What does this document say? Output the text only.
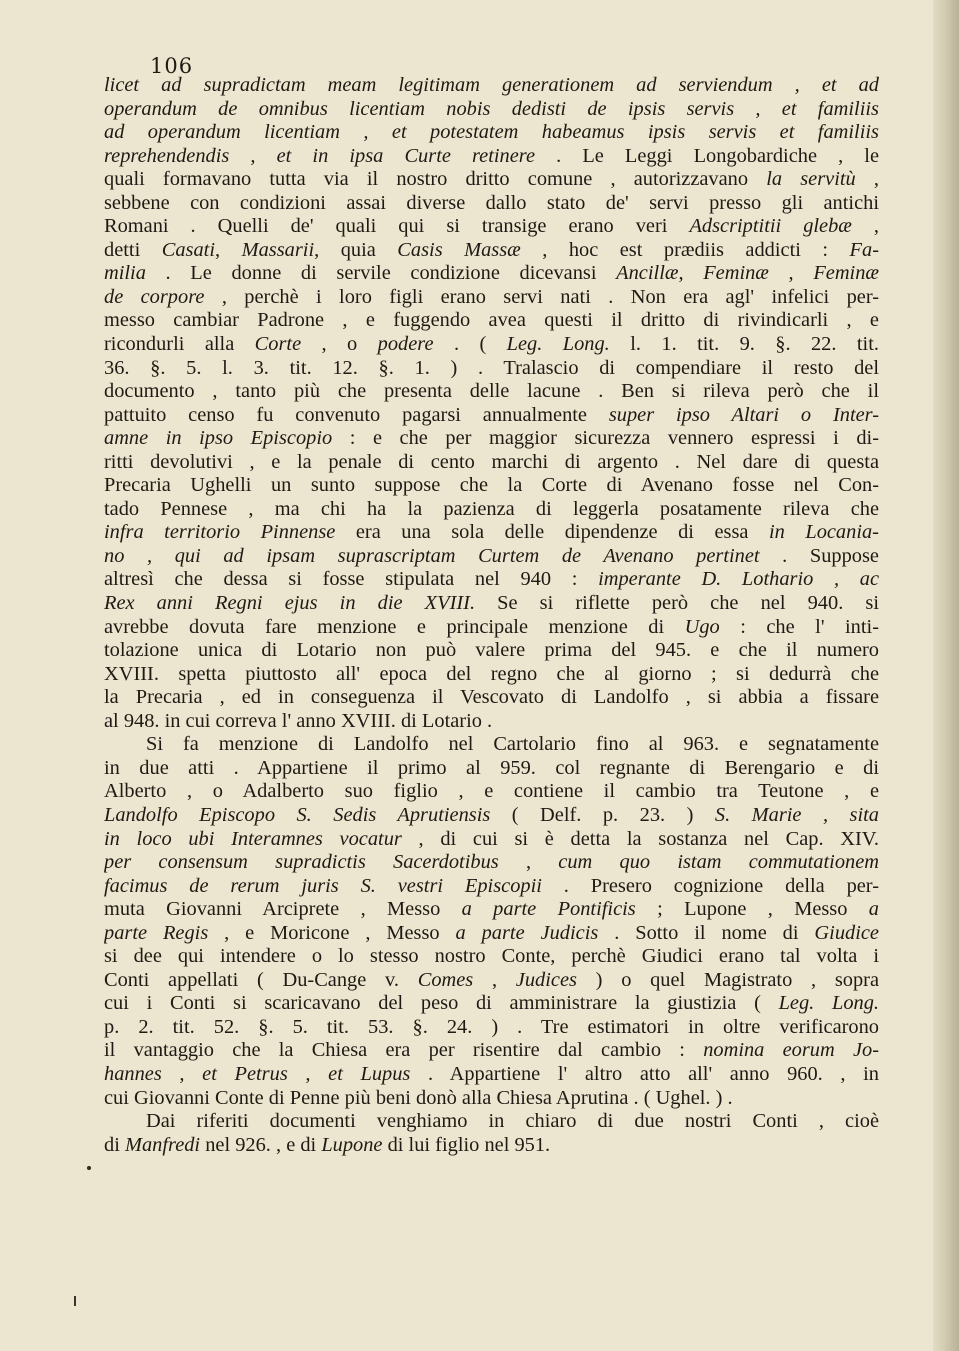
106
licet ad supradictam meam legitimam generationem ad serviendum , et ad
operandum de omnibus licentiam nobis dedisti de ipsis servis , et familiis
ad operandum licentiam , et potestatem habeamus ipsis servis et familiis
reprehendendis , et in ipsa Curte retinere . Le Leggi Longobardiche , le
quali formavano tutta via il nostro dritto comune , autorizzavano la servitù ,
sebbene con condizioni assai diverse dallo stato de' servi presso gli antichi
Romani . Quelli de' quali qui si transige erano veri Adscriptitii glebæ ,
detti Casati, Massarii, quia Casis Massæ , hoc est prædiis addicti : Fa-
milia . Le donne di servile condizione dicevansi Ancillæ, Feminæ , Feminæ
de corpore , perchè i loro figli erano servi nati . Non era agl' infelici per-
messo cambiar Padrone , e fuggendo avea questi il dritto di rivindicarli , e
ricondurli alla Corte , o podere . ( Leg. Long. l. 1. tit. 9. §. 22. tit.
36. §. 5. l. 3. tit. 12. §. 1. ) . Tralascio di compendiare il resto del
documento , tanto più che presenta delle lacune . Ben si rileva però che il
pattuito censo fu convenuto pagarsi annualmente super ipso Altari o Inter-
amne in ipso Episcopio : e che per maggior sicurezza vennero espressi i di-
ritti devolutivi , e la penale di cento marchi di argento . Nel dare di questa
Precaria Ughelli un sunto suppose che la Corte di Avenano fosse nel Con-
tado Pennese , ma chi ha la pazienza di leggerla posatamente rileva che
infra territorio Pinnense era una sola delle dipendenze di essa in Locania-
no , qui ad ipsam suprascriptam Curtem de Avenano pertinet . Suppose
altresì che dessa si fosse stipulata nel 940 : imperante D. Lothario , ac
Rex anni Regni ejus in die XVIII. Se si riflette però che nel 940. si
avrebbe dovuta fare menzione e principale menzione di Ugo : che l' inti-
tolazione unica di Lotario non può valere prima del 945. e che il numero
XVIII. spetta piuttosto all' epoca del regno che al giorno ; si dedurrà che
la Precaria , ed in conseguenza il Vescovato di Landolfo , si abbia a fissare
al 948. in cui correva l' anno XVIII. di Lotario .
Si fa menzione di Landolfo nel Cartolario fino al 963. e segnatamente
in due atti . Appartiene il primo al 959. col regnante di Berengario e di
Alberto , o Adalberto suo figlio , e contiene il cambio tra Teutone , e
Landolfo Episcopo S. Sedis Aprutiensis ( Delf. p. 23. ) S. Marie , sita
in loco ubi Interamnes vocatur , di cui si è detta la sostanza nel Cap. XIV.
per consensum supradictis Sacerdotibus , cum quo istam commutationem
facimus de rerum juris S. vestri Episcopii . Presero cognizione della per-
muta Giovanni Arciprete , Messo a parte Pontificis ; Lupone , Messo a
parte Regis , e Moricone , Messo a parte Judicis . Sotto il nome di Giudice
si dee qui intendere o lo stesso nostro Conte, perchè Giudici erano tal volta i
Conti appellati ( Du-Cange v. Comes , Judices ) o quel Magistrato , sopra
cui i Conti si scaricavano del peso di amministrare la giustizia ( Leg. Long.
p. 2. tit. 52. §. 5. tit. 53. §. 24. ) . Tre estimatori in oltre verificarono
il vantaggio che la Chiesa era per risentire dal cambio : nomina eorum Jo-
hannes , et Petrus , et Lupus . Appartiene l' altro atto all' anno 960. , in
cui Giovanni Conte di Penne più beni donò alla Chiesa Aprutina . ( Ughel. ) .
Dai riferiti documenti venghiamo in chiaro di due nostri Conti , cioè
di Manfredi nel 926. , e di Lupone di lui figlio nel 951.
